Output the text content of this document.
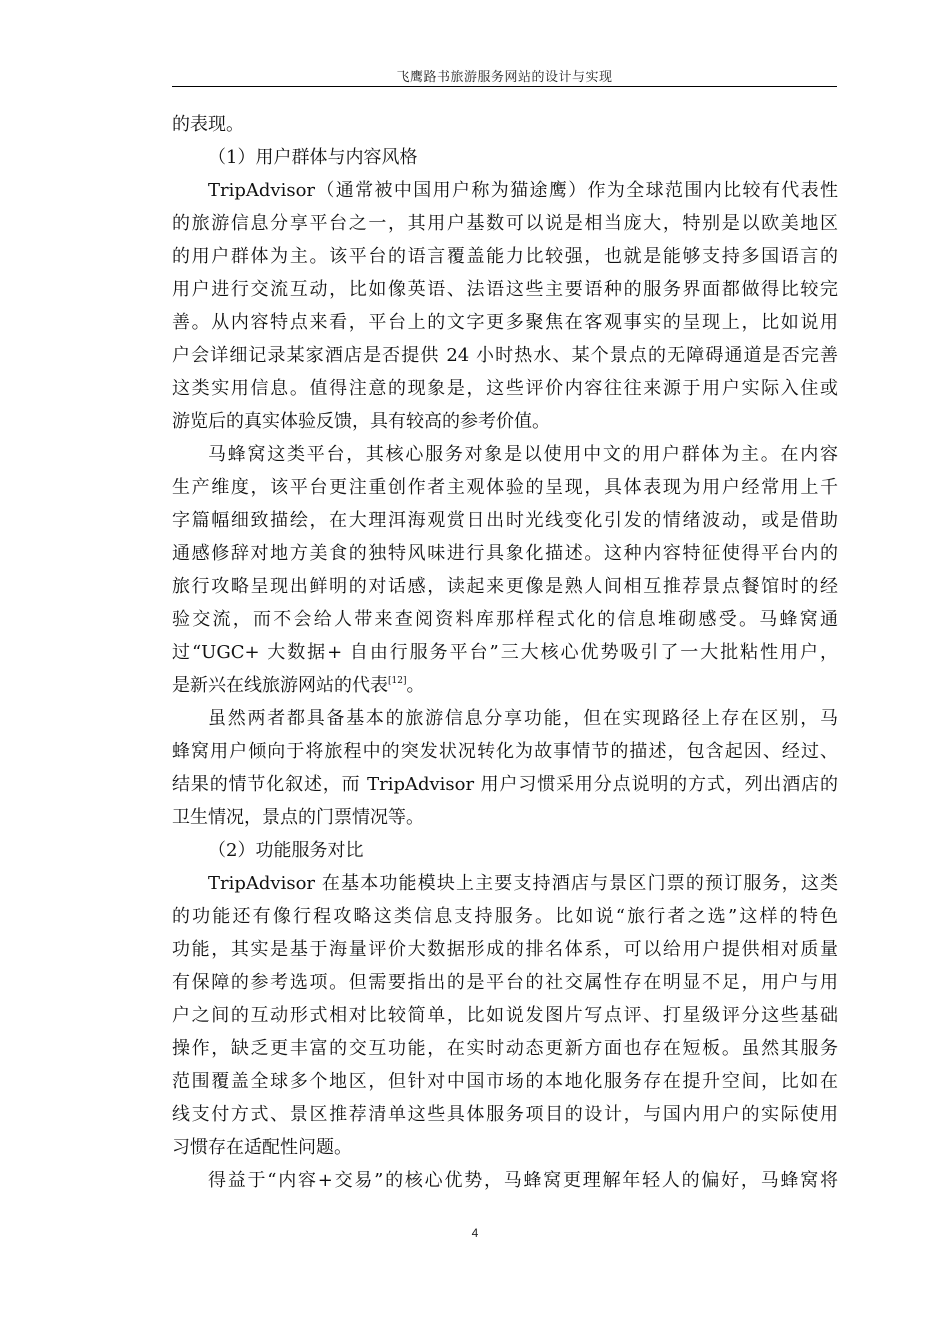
飞鹰路书旅游服务网站的设计与实现
的表现。
（1）用户群体与内容风格
TripAdvisor（通常被中国用户称为猫途鹰）作为全球范围内比较有代表性
的旅游信息分享平台之一，其用户基数可以说是相当庞大，特别是以欧美地区
的用户群体为主。该平台的语言覆盖能力比较强，也就是能够支持多国语言的
用户进行交流互动，比如像英语、法语这些主要语种的服务界面都做得比较完
善。从内容特点来看，平台上的文字更多聚焦在客观事实的呈现上，比如说用
户会详细记录某家酒店是否提供 24 小时热水、某个景点的无障碍通道是否完善
这类实用信息。值得注意的现象是，这些评价内容往往来源于用户实际入住或
游览后的真实体验反馈，具有较高的参考价值。
马蜂窝这类平台，其核心服务对象是以使用中文的用户群体为主。在内容
生产维度，该平台更注重创作者主观体验的呈现，具体表现为用户经常用上千
字篇幅细致描绘，在大理洱海观赏日出时光线变化引发的情绪波动，或是借助
通感修辞对地方美食的独特风味进行具象化描述。这种内容特征使得平台内的
旅行攻略呈现出鲜明的对话感，读起来更像是熟人间相互推荐景点餐馆时的经
验交流，而不会给人带来查阅资料库那样程式化的信息堆砌感受。马蜂窝通
过“UGC+ 大数据+ 自由行服务平台”三大核心优势吸引了一大批粘性用户，
是新兴在线旅游网站的代表[12]。
虽然两者都具备基本的旅游信息分享功能，但在实现路径上存在区别，马
蜂窝用户倾向于将旅程中的突发状况转化为故事情节的描述，包含起因、经过、
结果的情节化叙述，而 TripAdvisor 用户习惯采用分点说明的方式，列出酒店的
卫生情况，景点的门票情况等。
（2）功能服务对比
TripAdvisor 在基本功能模块上主要支持酒店与景区门票的预订服务，这类
的功能还有像行程攻略这类信息支持服务。比如说“旅行者之选”这样的特色
功能，其实是基于海量评价大数据形成的排名体系，可以给用户提供相对质量
有保障的参考选项。但需要指出的是平台的社交属性存在明显不足，用户与用
户之间的互动形式相对比较简单，比如说发图片写点评、打星级评分这些基础
操作，缺乏更丰富的交互功能，在实时动态更新方面也存在短板。虽然其服务
范围覆盖全球多个地区，但针对中国市场的本地化服务存在提升空间，比如在
线支付方式、景区推荐清单这些具体服务项目的设计，与国内用户的实际使用
习惯存在适配性问题。
得益于“内容+交易”的核心优势，马蜂窝更理解年轻人的偏好，马蜂窝将
4
